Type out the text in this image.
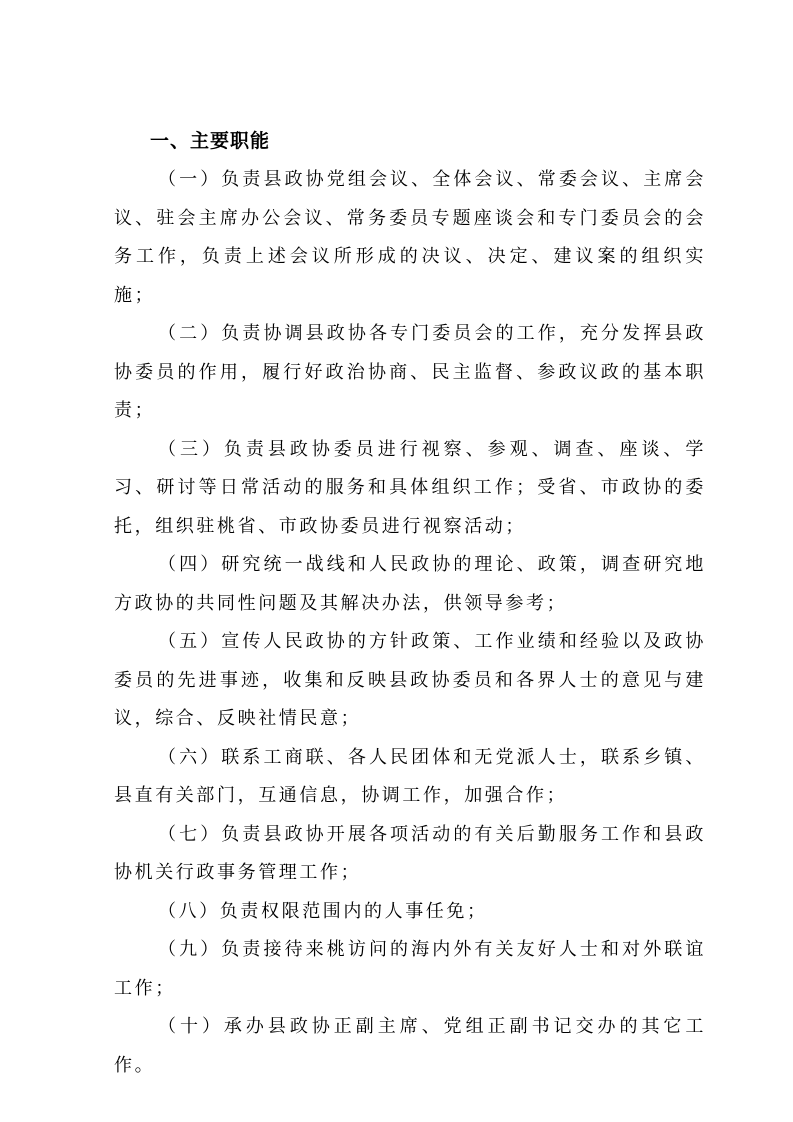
一、主要职能

（一）负责县政协党组会议、全体会议、常委会议、主席会议、驻会主席办公会议、常务委员专题座谈会和专门委员会的会务工作，负责上述会议所形成的决议、决定、建议案的组织实施；

（二）负责协调县政协各专门委员会的工作，充分发挥县政协委员的作用，履行好政治协商、民主监督、参政议政的基本职责；

（三）负责县政协委员进行视察、参观、调查、座谈、学习、研讨等日常活动的服务和具体组织工作；受省、市政协的委托，组织驻桃省、市政协委员进行视察活动；

（四）研究统一战线和人民政协的理论、政策，调查研究地方政协的共同性问题及其解决办法，供领导参考；

（五）宣传人民政协的方针政策、工作业绩和经验以及政协委员的先进事迹，收集和反映县政协委员和各界人士的意见与建议，综合、反映社情民意；

（六）联系工商联、各人民团体和无党派人士，联系乡镇、县直有关部门，互通信息，协调工作，加强合作；

（七）负责县政协开展各项活动的有关后勤服务工作和县政协机关行政事务管理工作；

（八）负责权限范围内的人事任免；

（九）负责接待来桃访问的海内外有关友好人士和对外联谊工作；

（十）承办县政协正副主席、党组正副书记交办的其它工作。
